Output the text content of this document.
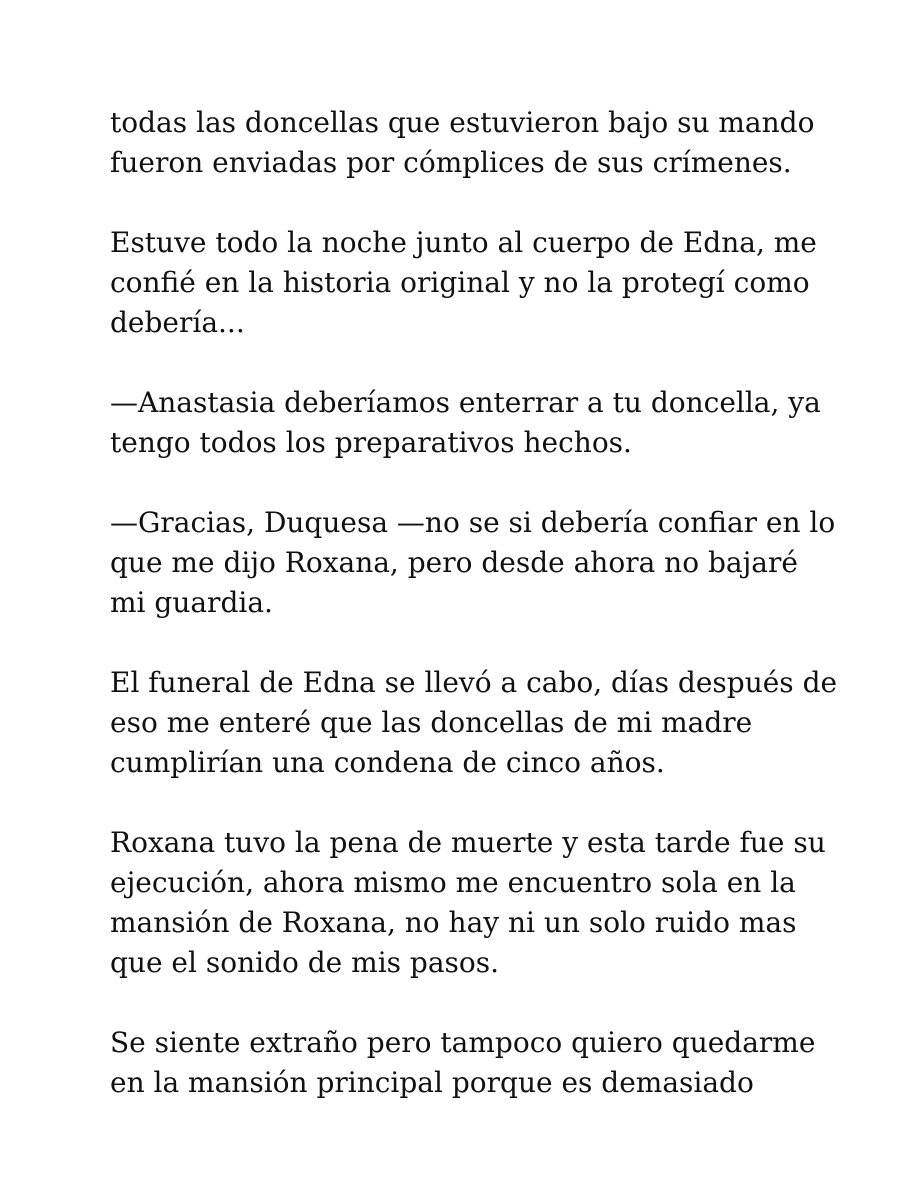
todas las doncellas que estuvieron bajo su mando
fueron enviadas por cómplices de sus crímenes.

Estuve todo la noche junto al cuerpo de Edna, me
confié en la historia original y no la protegí como
debería...

—Anastasia deberíamos enterrar a tu doncella, ya
tengo todos los preparativos hechos.

—Gracias, Duquesa —no se si debería confiar en lo
que me dijo Roxana, pero desde ahora no bajaré
mi guardia.

El funeral de Edna se llevó a cabo, días después de
eso me enteré que las doncellas de mi madre
cumplirían una condena de cinco años.

Roxana tuvo la pena de muerte y esta tarde fue su
ejecución, ahora mismo me encuentro sola en la
mansión de Roxana, no hay ni un solo ruido mas
que el sonido de mis pasos.

Se siente extraño pero tampoco quiero quedarme
en la mansión principal porque es demasiado
